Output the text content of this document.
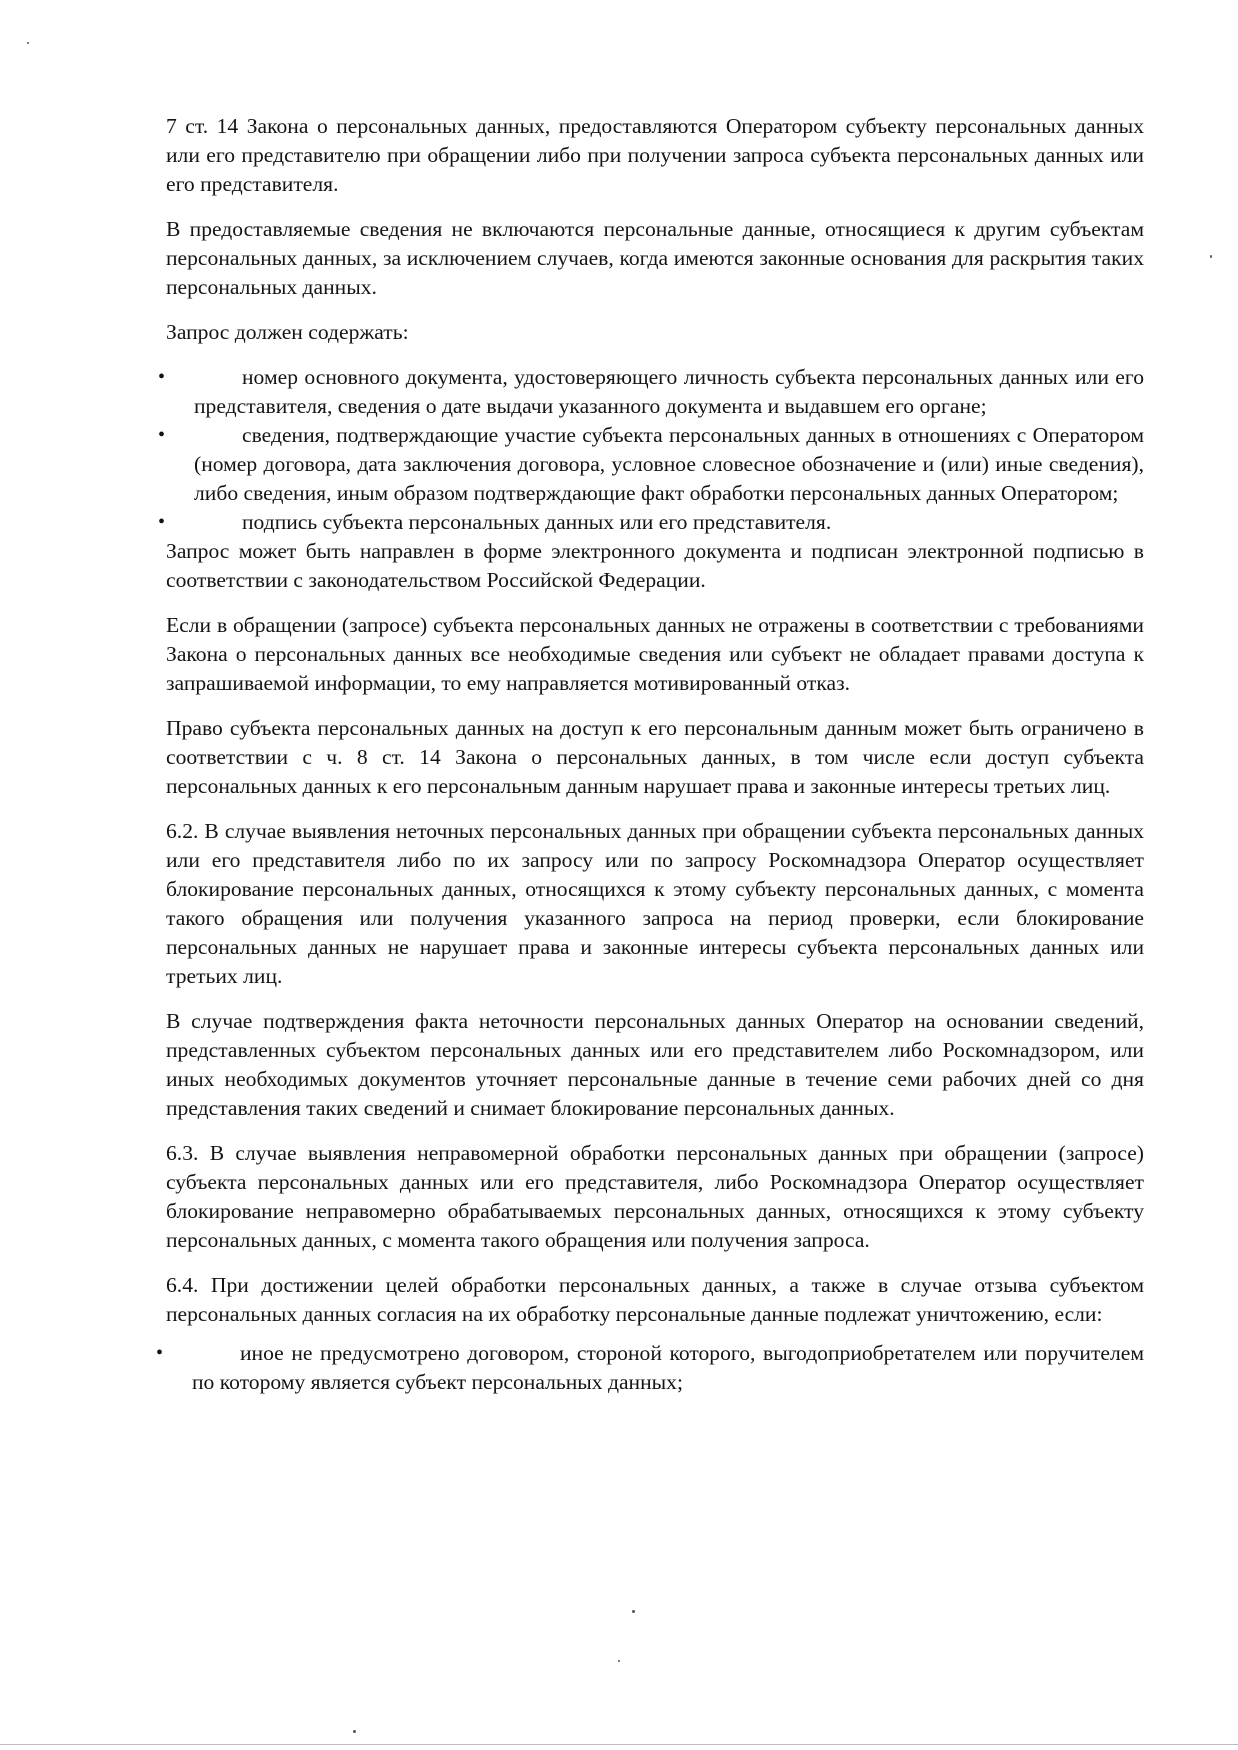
7 ст. 14 Закона о персональных данных, предоставляются Оператором субъекту персональных данных или его представителю при обращении либо при получении запроса субъекта персональных данных или его представителя.

В предоставляемые сведения не включаются персональные данные, относящиеся к другим субъектам персональных данных, за исключением случаев, когда имеются законные основания для раскрытия таких персональных данных.

Запрос должен содержать:

•	номер основного документа, удостоверяющего личность субъекта персональных данных или его представителя, сведения о дате выдачи указанного документа и выдавшем его органе;
•	сведения, подтверждающие участие субъекта персональных данных в отношениях с Оператором (номер договора, дата заключения договора, условное словесное обозначение и (или) иные сведения), либо сведения, иным образом подтверждающие факт обработки персональных данных Оператором;
•	подпись субъекта персональных данных или его представителя.

Запрос может быть направлен в форме электронного документа и подписан электронной подписью в соответствии с законодательством Российской Федерации.

Если в обращении (запросе) субъекта персональных данных не отражены в соответствии с требованиями Закона о персональных данных все необходимые сведения или субъект не обладает правами доступа к запрашиваемой информации, то ему направляется мотивированный отказ.

Право субъекта персональных данных на доступ к его персональным данным может быть ограничено в соответствии с ч. 8 ст. 14 Закона о персональных данных, в том числе если доступ субъекта персональных данных к его персональным данным нарушает права и законные интересы третьих лиц.

6.2. В случае выявления неточных персональных данных при обращении субъекта персональных данных или его представителя либо по их запросу или по запросу Роскомнадзора Оператор осуществляет блокирование персональных данных, относящихся к этому субъекту персональных данных, с момента такого обращения или получения указанного запроса на период проверки, если блокирование персональных данных не нарушает права и законные интересы субъекта персональных данных или третьих лиц.

В случае подтверждения факта неточности персональных данных Оператор на основании сведений, представленных субъектом персональных данных или его представителем либо Роскомнадзором, или иных необходимых документов уточняет персональные данные в течение семи рабочих дней со дня представления таких сведений и снимает блокирование персональных данных.

6.3. В случае выявления неправомерной обработки персональных данных при обращении (запросе) субъекта персональных данных или его представителя, либо Роскомнадзора Оператор осуществляет блокирование неправомерно обрабатываемых персональных данных, относящихся к этому субъекту персональных данных, с момента такого обращения или получения запроса.

6.4. При достижении целей обработки персональных данных, а также в случае отзыва субъектом персональных данных согласия на их обработку персональные данные подлежат уничтожению, если:

•	иное не предусмотрено договором, стороной которого, выгодоприобретателем или поручителем по которому является субъект персональных данных;
